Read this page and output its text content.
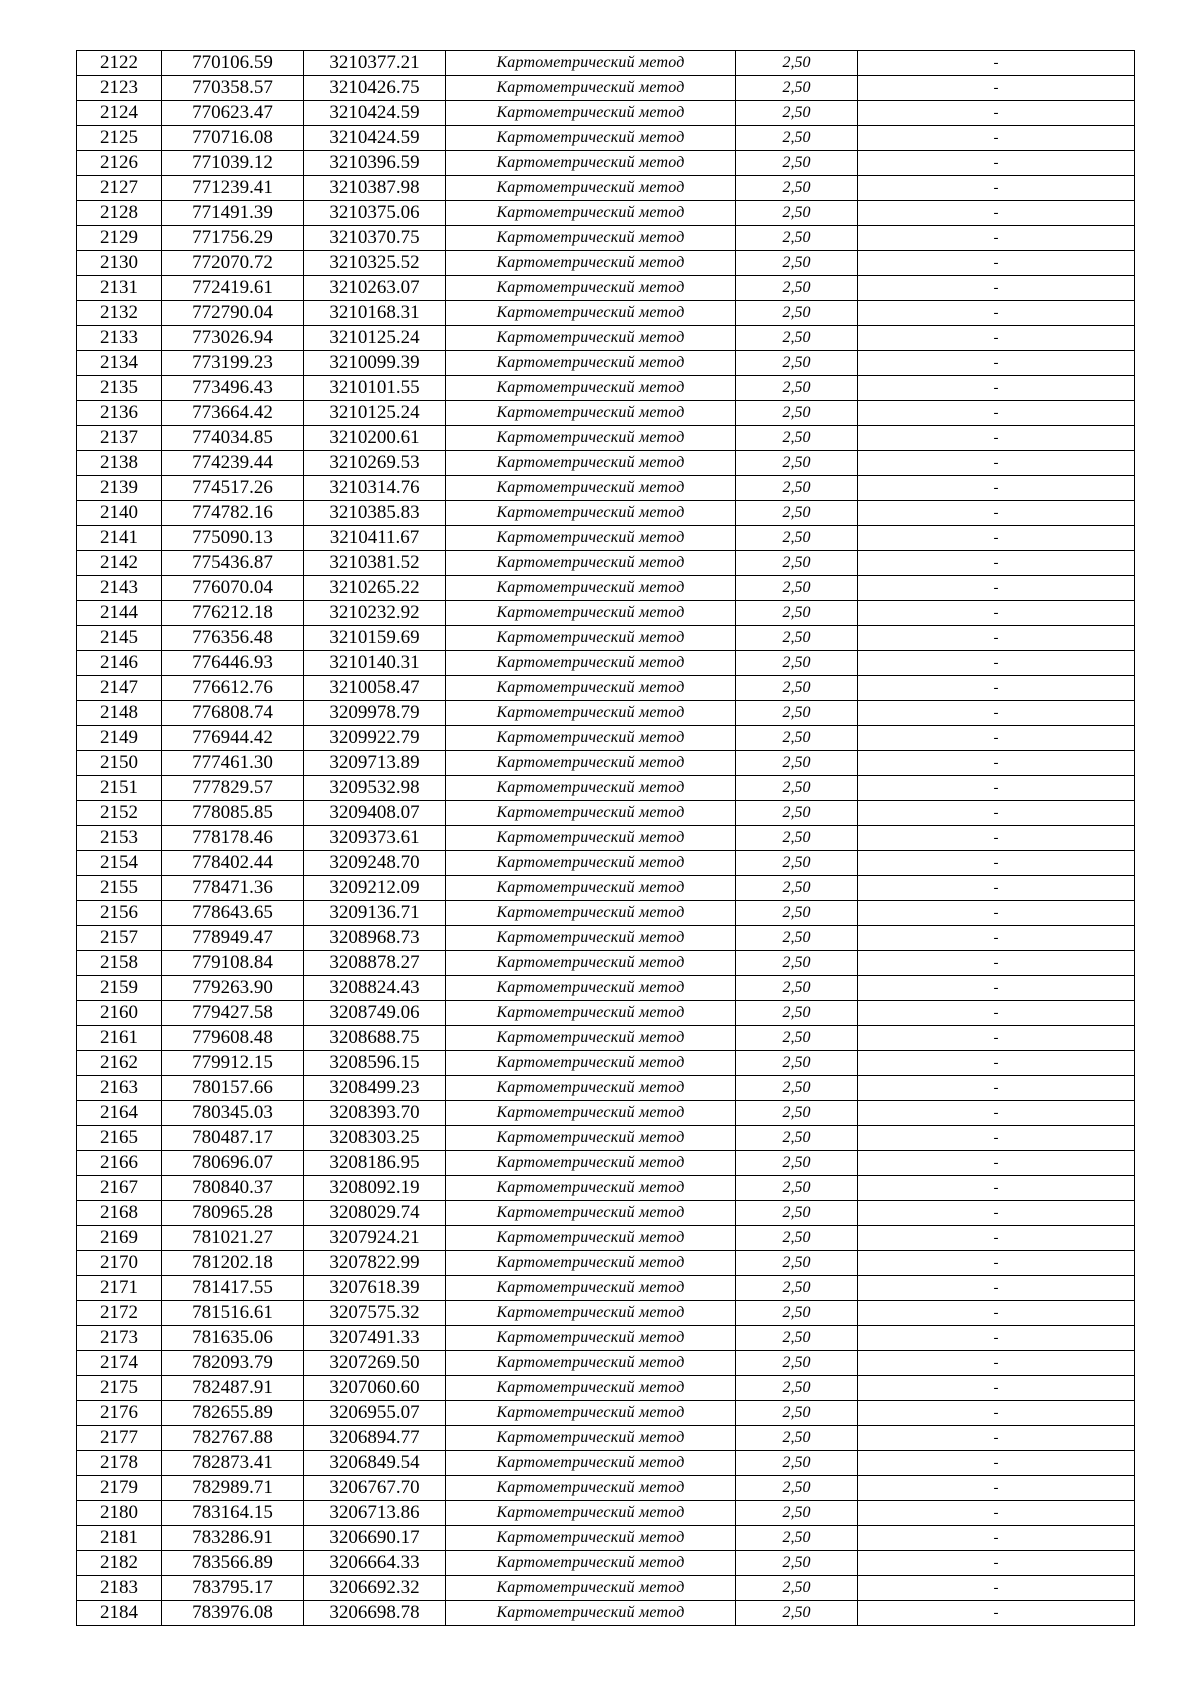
2122	770106.59	3210377.21	Картометрический метод	2,50	-
2123	770358.57	3210426.75	Картометрический метод	2,50	-
2124	770623.47	3210424.59	Картометрический метод	2,50	-
2125	770716.08	3210424.59	Картометрический метод	2,50	-
2126	771039.12	3210396.59	Картометрический метод	2,50	-
2127	771239.41	3210387.98	Картометрический метод	2,50	-
2128	771491.39	3210375.06	Картометрический метод	2,50	-
2129	771756.29	3210370.75	Картометрический метод	2,50	-
2130	772070.72	3210325.52	Картометрический метод	2,50	-
2131	772419.61	3210263.07	Картометрический метод	2,50	-
2132	772790.04	3210168.31	Картометрический метод	2,50	-
2133	773026.94	3210125.24	Картометрический метод	2,50	-
2134	773199.23	3210099.39	Картометрический метод	2,50	-
2135	773496.43	3210101.55	Картометрический метод	2,50	-
2136	773664.42	3210125.24	Картометрический метод	2,50	-
2137	774034.85	3210200.61	Картометрический метод	2,50	-
2138	774239.44	3210269.53	Картометрический метод	2,50	-
2139	774517.26	3210314.76	Картометрический метод	2,50	-
2140	774782.16	3210385.83	Картометрический метод	2,50	-
2141	775090.13	3210411.67	Картометрический метод	2,50	-
2142	775436.87	3210381.52	Картометрический метод	2,50	-
2143	776070.04	3210265.22	Картометрический метод	2,50	-
2144	776212.18	3210232.92	Картометрический метод	2,50	-
2145	776356.48	3210159.69	Картометрический метод	2,50	-
2146	776446.93	3210140.31	Картометрический метод	2,50	-
2147	776612.76	3210058.47	Картометрический метод	2,50	-
2148	776808.74	3209978.79	Картометрический метод	2,50	-
2149	776944.42	3209922.79	Картометрический метод	2,50	-
2150	777461.30	3209713.89	Картометрический метод	2,50	-
2151	777829.57	3209532.98	Картометрический метод	2,50	-
2152	778085.85	3209408.07	Картометрический метод	2,50	-
2153	778178.46	3209373.61	Картометрический метод	2,50	-
2154	778402.44	3209248.70	Картометрический метод	2,50	-
2155	778471.36	3209212.09	Картометрический метод	2,50	-
2156	778643.65	3209136.71	Картометрический метод	2,50	-
2157	778949.47	3208968.73	Картометрический метод	2,50	-
2158	779108.84	3208878.27	Картометрический метод	2,50	-
2159	779263.90	3208824.43	Картометрический метод	2,50	-
2160	779427.58	3208749.06	Картометрический метод	2,50	-
2161	779608.48	3208688.75	Картометрический метод	2,50	-
2162	779912.15	3208596.15	Картометрический метод	2,50	-
2163	780157.66	3208499.23	Картометрический метод	2,50	-
2164	780345.03	3208393.70	Картометрический метод	2,50	-
2165	780487.17	3208303.25	Картометрический метод	2,50	-
2166	780696.07	3208186.95	Картометрический метод	2,50	-
2167	780840.37	3208092.19	Картометрический метод	2,50	-
2168	780965.28	3208029.74	Картометрический метод	2,50	-
2169	781021.27	3207924.21	Картометрический метод	2,50	-
2170	781202.18	3207822.99	Картометрический метод	2,50	-
2171	781417.55	3207618.39	Картометрический метод	2,50	-
2172	781516.61	3207575.32	Картометрический метод	2,50	-
2173	781635.06	3207491.33	Картометрический метод	2,50	-
2174	782093.79	3207269.50	Картометрический метод	2,50	-
2175	782487.91	3207060.60	Картометрический метод	2,50	-
2176	782655.89	3206955.07	Картометрический метод	2,50	-
2177	782767.88	3206894.77	Картометрический метод	2,50	-
2178	782873.41	3206849.54	Картометрический метод	2,50	-
2179	782989.71	3206767.70	Картометрический метод	2,50	-
2180	783164.15	3206713.86	Картометрический метод	2,50	-
2181	783286.91	3206690.17	Картометрический метод	2,50	-
2182	783566.89	3206664.33	Картометрический метод	2,50	-
2183	783795.17	3206692.32	Картометрический метод	2,50	-
2184	783976.08	3206698.78	Картометрический метод	2,50	-
